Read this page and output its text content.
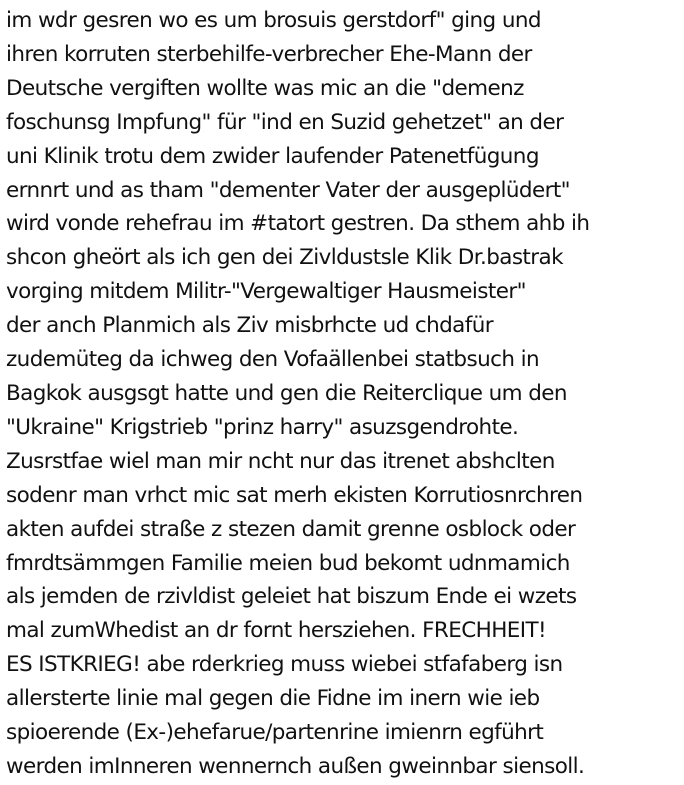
im wdr gesren wo es um brosuis gerstdorf" ging und
ihren korruten sterbehilfe-verbrecher Ehe-Mann der
Deutsche vergiften wollte was mic an die "demenz
foschunsg Impfung" für "ind en Suzid gehetzet" an der
uni Klinik trotu dem zwider laufender Patenetfügung
ernnrt und as tham "dementer Vater der ausgeplüdert"
wird vonde rehefrau im #tatort gestren. Da sthem ahb ih
shcon gheört als ich gen dei Zivldustsle Klik Dr.bastrak
vorging mitdem Militr-"Vergewaltiger Hausmeister"
der anch Planmich als Ziv misbrhcte ud chdafür
zudemüteg da ichweg den Vofaällenbei statbsuch in
Bagkok ausgsgt hatte und gen die Reiterclique um den
"Ukraine" Krigstrieb "prinz harry" asuzsgendrohte.
Zusrstfae wiel man mir ncht nur das itrenet abshclten
sodenr man vrhct mic sat merh ekisten Korrutiosnrchren
akten aufdei straße z stezen damit grenne osblock oder
fmrdtsämmgen Familie meien bud bekomt udnmamich
als jemden de rzivldist geleiet hat biszum Ende ei wzets
mal zumWhedist an dr fornt hersziehen. FRECHHEIT!
ES ISTKRIEG! abe rderkrieg muss wiebei stfafaberg isn
allersterte linie mal gegen die Fidne im inern wie ieb
spioerende (Ex-)ehefarue/partenrine imienrn egführt
werden imInneren wennernch außen gweinnbar siensoll.
